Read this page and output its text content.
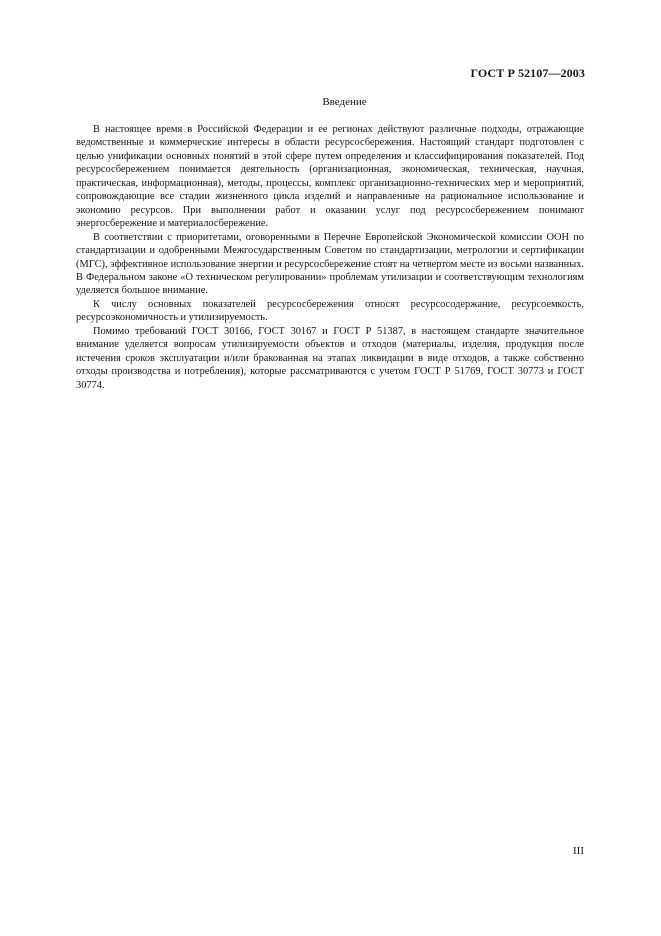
ГОСТ Р 52107—2003
Введение

В настоящее время в Российской Федерации и ее регионах действуют различные подходы, отражающие ведомственные и коммерческие интересы в области ресурсосбережения. Настоящий стандарт подготовлен с целью унификации основных понятий в этой сфере путем определения и классифицирования показателей. Под ресурсосбережением понимается деятельность (организационная, экономическая, техническая, научная, практическая, информационная), методы, процессы, комплекс организационно-технических мер и мероприятий, сопровождающие все стадии жизненного цикла изделий и направленные на рациональное использование и экономию ресурсов. При выполнении работ и оказании услуг под ресурсосбережением понимают энергосбережение и материалосбережение.

В соответствии с приоритетами, оговоренными в Перечне Европейской Экономической комиссии ООН по стандартизации и одобренными Межгосударственным Советом по стандартизации, метрологии и сертификации (МГС), эффективное использование энергии и ресурсосбережение стоят на четвертом месте из восьми названных. В Федеральном законе «О техническом регулировании» проблемам утилизации и соответствующим технологиям уделяется большое внимание.

К числу основных показателей ресурсосбережения относят ресурсосодержание, ресурсоемкость, ресурсоэкономичность и утилизируемость.

Помимо требований ГОСТ 30166, ГОСТ 30167 и ГОСТ Р 51387, в настоящем стандарте значительное внимание уделяется вопросам утилизируемости объектов и отходов (материалы, изделия, продукция после истечения сроков эксплуатации и/или бракованная на этапах ликвидации в виде отходов, а также собственно отходы производства и потребления), которые рассматриваются с учетом ГОСТ Р 51769, ГОСТ 30773 и ГОСТ 30774.

III
